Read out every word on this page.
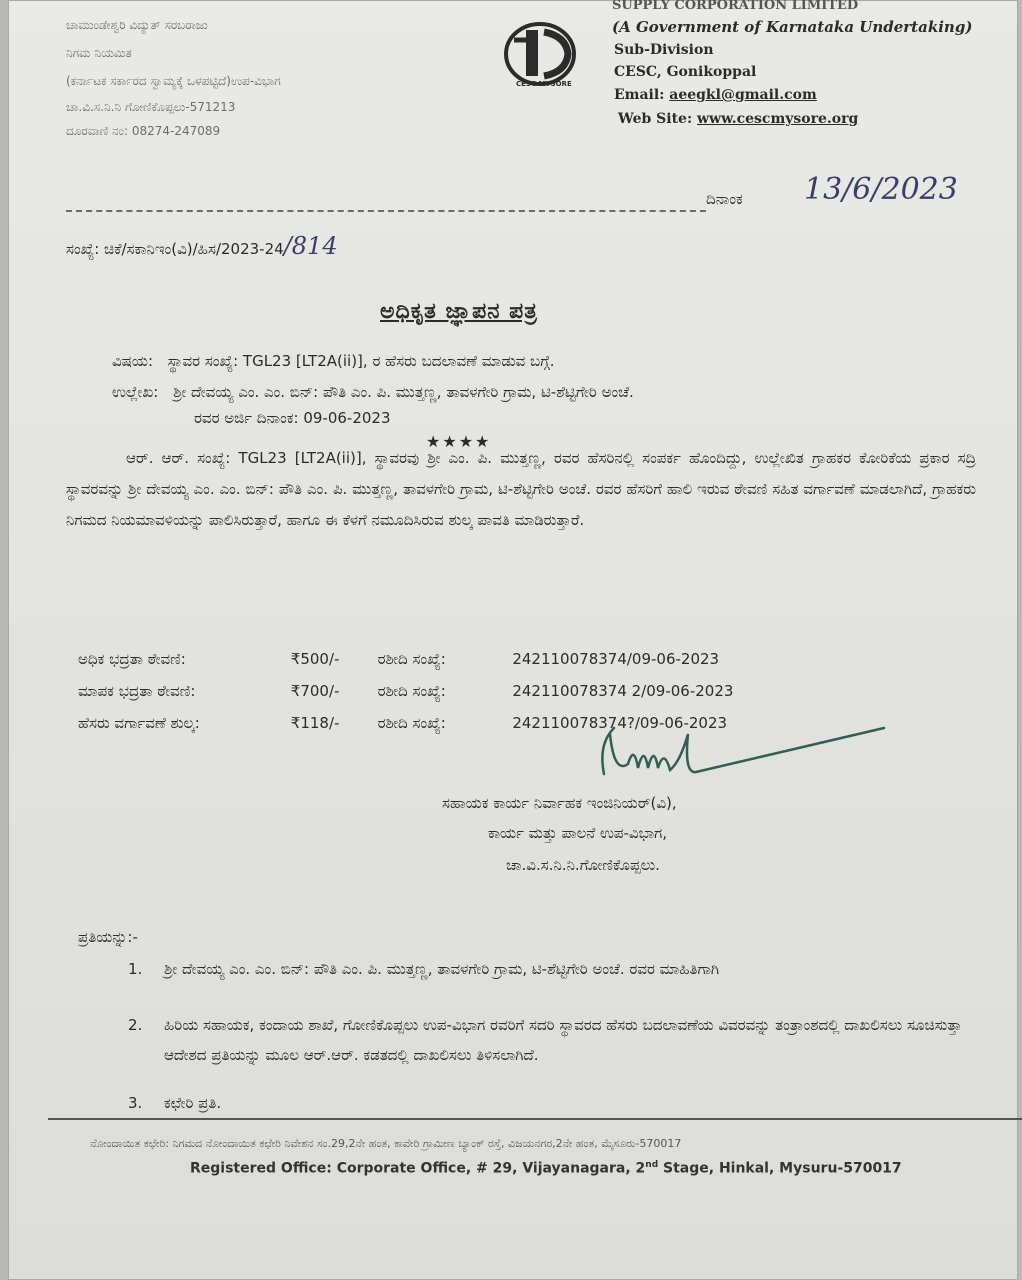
ಚಾಮುಂಡೇಶ್ವರಿ ವಿದ್ಯುತ್ ಸರಬರಾಜು
ನಿಗಮ ನಿಯಮಿತ
(ಕರ್ನಾಟಕ ಸರ್ಕಾರದ ಸ್ವಾಮ್ಯಕ್ಕೆ ಒಳಪಟ್ಟಿದೆ)ಉಪ-ವಿಭಾಗ
ಚಾ.ವಿ.ಸ.ನಿ.ನಿ ಗೋಣಿಕೊಪ್ಪಲು-571213
ದೂರವಾಣಿ ನಂ: 08274-247089
CESC MYSORE
SUPPLY CORPORATION LIMITED
(A Government of Karnataka Undertaking)
Sub-Division
CESC, Gonikoppal
Email: aeegkl@gmail.com
Web Site: www.cescmysore.org
ದಿನಾಂಕ 13/6/2023
ಸಂಖ್ಯೆ: ಚಿಕೆ/ಸಕಾನಿಇಂ(ವಿ)/ಹಿಸ/2023-24/814
ಅಧಿಕೃತ ಜ್ಞಾಪನ ಪತ್ರ
ವಿಷಯ: ಸ್ಥಾವರ ಸಂಖ್ಯೆ: TGL23 [LT2A(ii)], ರ ಹೆಸರು ಬದಲಾವಣೆ ಮಾಡುವ ಬಗ್ಗೆ.
ಉಲ್ಲೇಖ: ಶ್ರೀ ದೇವಯ್ಯ ಎಂ. ಎಂ. ಬಿನ್: ಪೌತಿ ಎಂ. ಪಿ. ಮುತ್ತಣ್ಣ, ತಾವಳಗೇರಿ ಗ್ರಾಮ, ಟಿ-ಶೆಟ್ಟಿಗೇರಿ ಅಂಚೆ.
ರವರ ಅರ್ಜಿ ದಿನಾಂಕ: 09-06-2023
★★★★
ಆರ್. ಆರ್. ಸಂಖ್ಯೆ: TGL23 [LT2A(ii)], ಸ್ಥಾವರವು ಶ್ರೀ ಎಂ. ಪಿ. ಮುತ್ತಣ್ಣ, ರವರ ಹೆಸರಿನಲ್ಲಿ ಸಂಪರ್ಕ ಹೊಂದಿದ್ದು, ಉಲ್ಲೇಖಿತ ಗ್ರಾಹಕರ ಕೋರಿಕೆಯ ಪ್ರಕಾರ ಸದ್ರಿ ಸ್ಥಾವರವನ್ನು ಶ್ರೀ ದೇವಯ್ಯ ಎಂ. ಎಂ. ಬಿನ್: ಪೌತಿ ಎಂ. ಪಿ. ಮುತ್ತಣ್ಣ, ತಾವಳಗೇರಿ ಗ್ರಾಮ, ಟಿ-ಶೆಟ್ಟಿಗೇರಿ ಅಂಚೆ. ರವರ ಹೆಸರಿಗೆ ಹಾಲಿ ಇರುವ ಠೇವಣಿ ಸಹಿತ ವರ್ಗಾವಣೆ ಮಾಡಲಾಗಿದೆ, ಗ್ರಾಹಕರು ನಿಗಮದ ನಿಯಮಾವಳಿಯನ್ನು ಪಾಲಿಸಿರುತ್ತಾರೆ, ಹಾಗೂ ಈ ಕೆಳಗೆ ನಮೂದಿಸಿರುವ ಶುಲ್ಕ ಪಾವತಿ ಮಾಡಿರುತ್ತಾರೆ.
ಅಧಿಕ ಭದ್ರತಾ ಠೇವಣಿ:	₹500/-	ರಶೀದಿ ಸಂಖ್ಯೆ:	242110078374/09-06-2023
ಮಾಪಕ ಭದ್ರತಾ ಠೇವಣಿ:	₹700/-	ರಶೀದಿ ಸಂಖ್ಯೆ:	242110078374 2/09-06-2023
ಹೆಸರು ವರ್ಗಾವಣೆ ಶುಲ್ಕ:	₹118/-	ರಶೀದಿ ಸಂಖ್ಯೆ:	242110078374?/09-06-2023
ಸಹಾಯಕ ಕಾರ್ಯ ನಿರ್ವಾಹಕ ಇಂಜಿನಿಯರ್(ವಿ),
ಕಾರ್ಯ ಮತ್ತು ಪಾಲನೆ ಉಪ-ವಿಭಾಗ,
ಚಾ.ವಿ.ಸ.ನಿ.ನಿ.ಗೋಣಿಕೊಪ್ಪಲು.
ಪ್ರತಿಯನ್ನು:-
1.	ಶ್ರೀ ದೇವಯ್ಯ ಎಂ. ಎಂ. ಬಿನ್: ಪೌತಿ ಎಂ. ಪಿ. ಮುತ್ತಣ್ಣ, ತಾವಳಗೇರಿ ಗ್ರಾಮ, ಟಿ-ಶೆಟ್ಟಿಗೇರಿ ಅಂಚೆ. ರವರ ಮಾಹಿತಿಗಾಗಿ
2.	ಹಿರಿಯ ಸಹಾಯಕ, ಕಂದಾಯ ಶಾಖೆ, ಗೋಣಿಕೊಪ್ಪಲು ಉಪ-ವಿಭಾಗ ರವರಿಗೆ ಸದರಿ ಸ್ಥಾವರದ ಹೆಸರು ಬದಲಾವಣೆಯ ವಿವರವನ್ನು ತಂತ್ರಾಂಶದಲ್ಲಿ ದಾಖಲಿಸಲು ಸೂಚಿಸುತ್ತಾ ಆದೇಶದ ಪ್ರತಿಯನ್ನು ಮೂಲ ಆರ್.ಆರ್. ಕಡತದಲ್ಲಿ ದಾಖಲಿಸಲು ತಿಳಿಸಲಾಗಿದೆ.
3.	ಕಛೇರಿ ಪ್ರತಿ.
ನೋಂದಾಯಿತ ಕಛೇರಿ: ನಿಗಮದ ನೋಂದಾಯಿತ ಕಛೇರಿ ನಿವೇಶನ ಸಂ.29,2ನೇ ಹಂತ, ಕಾವೇರಿ ಗ್ರಾಮೀಣ ಬ್ಯಾಂಕ್ ರಸ್ತೆ, ವಿಜಯನಗರ,2ನೇ ಹಂತ, ಮೈಸೂರು-570017
Registered Office: Corporate Office, # 29, Vijayanagara, 2nd Stage, Hinkal, Mysuru-570017
